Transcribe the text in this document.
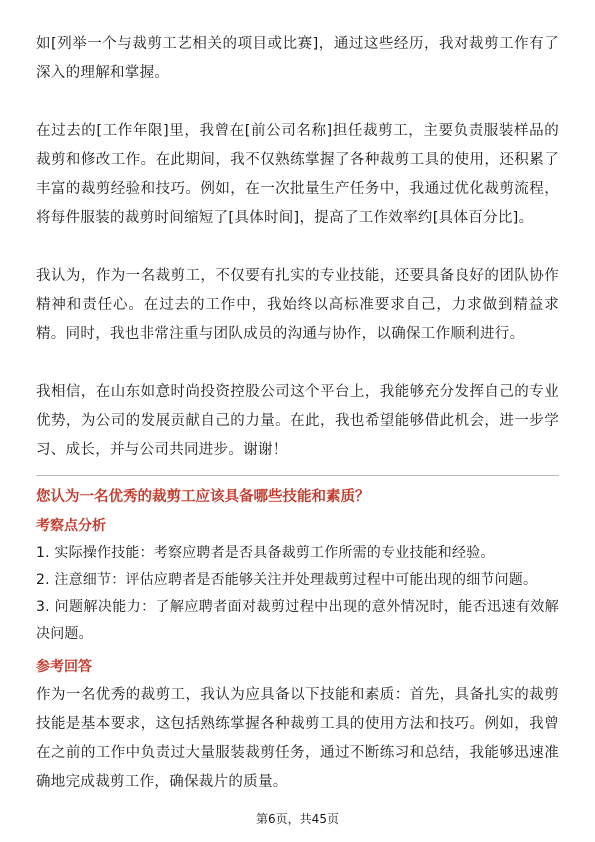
如[列举一个与裁剪工艺相关的项目或比赛]，通过这些经历，我对裁剪工作有了深入的理解和掌握。

在过去的[工作年限]里，我曾在[前公司名称]担任裁剪工，主要负责服装样品的裁剪和修改工作。在此期间，我不仅熟练掌握了各种裁剪工具的使用，还积累了丰富的裁剪经验和技巧。例如，在一次批量生产任务中，我通过优化裁剪流程，将每件服装的裁剪时间缩短了[具体时间]，提高了工作效率约[具体百分比]。

我认为，作为一名裁剪工，不仅要有扎实的专业技能，还要具备良好的团队协作精神和责任心。在过去的工作中，我始终以高标准要求自己，力求做到精益求精。同时，我也非常注重与团队成员的沟通与协作，以确保工作顺利进行。

我相信，在山东如意时尚投资控股公司这个平台上，我能够充分发挥自己的专业优势，为公司的发展贡献自己的力量。在此，我也希望能够借此机会，进一步学习、成长，并与公司共同进步。谢谢！

您认为一名优秀的裁剪工应该具备哪些技能和素质？
考察点分析
1. 实际操作技能：考察应聘者是否具备裁剪工作所需的专业技能和经验。
2. 注意细节：评估应聘者是否能够关注并处理裁剪过程中可能出现的细节问题。
3. 问题解决能力：了解应聘者面对裁剪过程中出现的意外情况时，能否迅速有效解决问题。
参考回答
作为一名优秀的裁剪工，我认为应具备以下技能和素质：首先，具备扎实的裁剪技能是基本要求，这包括熟练掌握各种裁剪工具的使用方法和技巧。例如，我曾在之前的工作中负责过大量服装裁剪任务，通过不断练习和总结，我能够迅速准确地完成裁剪工作，确保裁片的质量。
第6页，共45页
